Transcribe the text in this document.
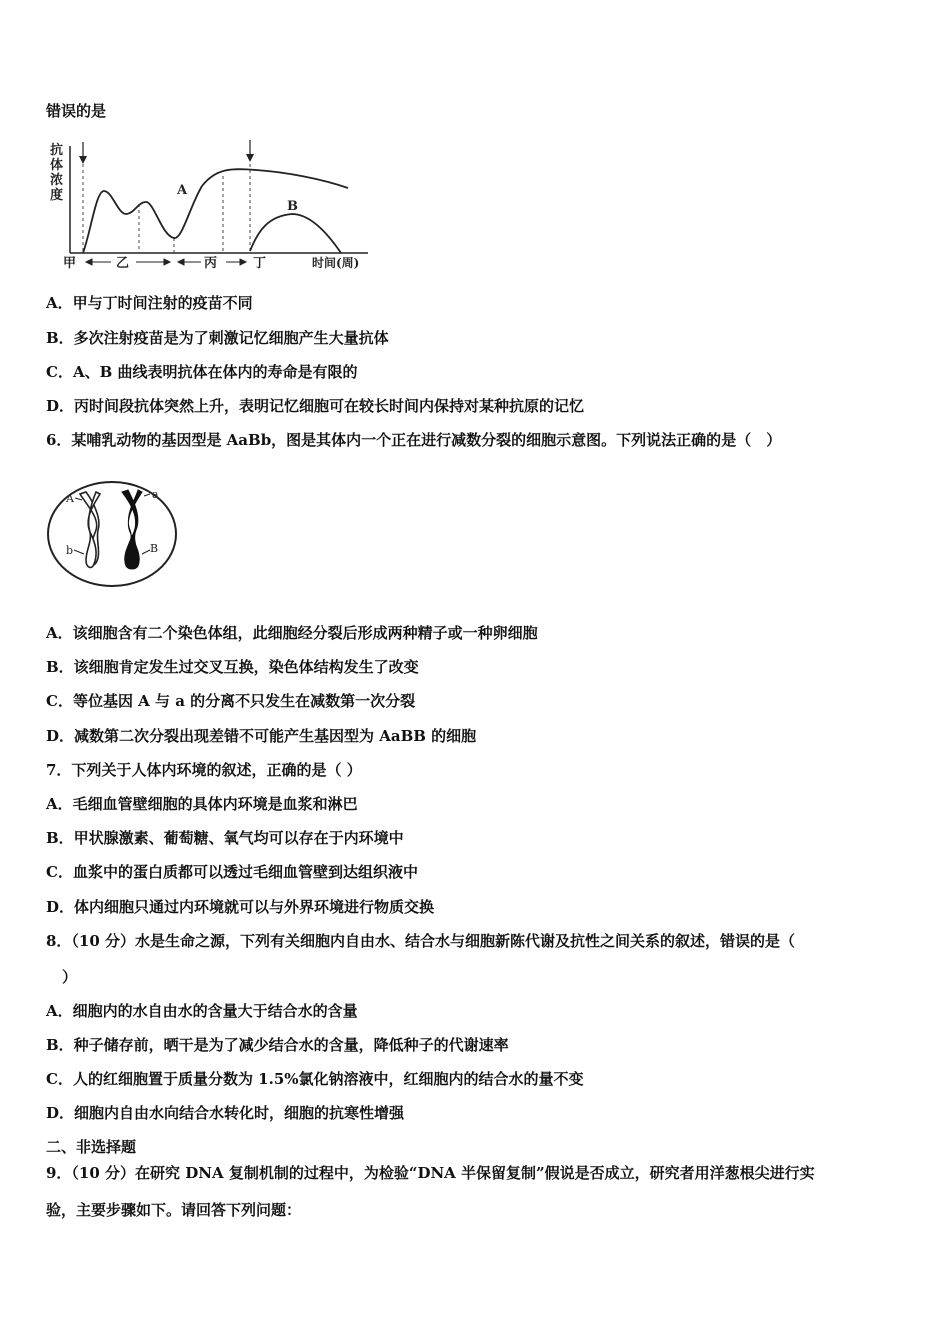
错误的是
抗
体
浓
度	A
B
甲	乙	丙	丁	时间(周)
A．甲与丁时间注射的疫苗不同
B．多次注射疫苗是为了刺激记忆细胞产生大量抗体
C．A、B 曲线表明抗体在体内的寿命是有限的
D．丙时间段抗体突然上升，表明记忆细胞可在较长时间内保持对某种抗原的记忆
6．某哺乳动物的基因型是 AaBb，图是其体内一个正在进行减数分裂的细胞示意图。下列说法正确的是（　）
A	a
b	B
A．该细胞含有二个染色体组，此细胞经分裂后形成两种精子或一种卵细胞
B．该细胞肯定发生过交叉互换，染色体结构发生了改变
C．等位基因 A 与 a 的分离不只发生在减数第一次分裂
D．减数第二次分裂出现差错不可能产生基因型为 AaBB 的细胞
7．下列关于人体内环境的叙述，正确的是（ ）
A．毛细血管壁细胞的具体内环境是血浆和淋巴
B．甲状腺激素、葡萄糖、氧气均可以存在于内环境中
C．血浆中的蛋白质都可以透过毛细血管壁到达组织液中
D．体内细胞只通过内环境就可以与外界环境进行物质交换
8．（10 分）水是生命之源，下列有关细胞内自由水、结合水与细胞新陈代谢及抗性之间关系的叙述，错误的是（
）
A．细胞内的水自由水的含量大于结合水的含量
B．种子储存前，晒干是为了减少结合水的含量，降低种子的代谢速率
C．人的红细胞置于质量分数为 1.5%氯化钠溶液中，红细胞内的结合水的量不变
D．细胞内自由水向结合水转化时，细胞的抗寒性增强
二、非选择题
9．（10 分）在研究 DNA 复制机制的过程中，为检验“DNA 半保留复制”假说是否成立，研究者用洋葱根尖进行实
验，主要步骤如下。请回答下列问题：
